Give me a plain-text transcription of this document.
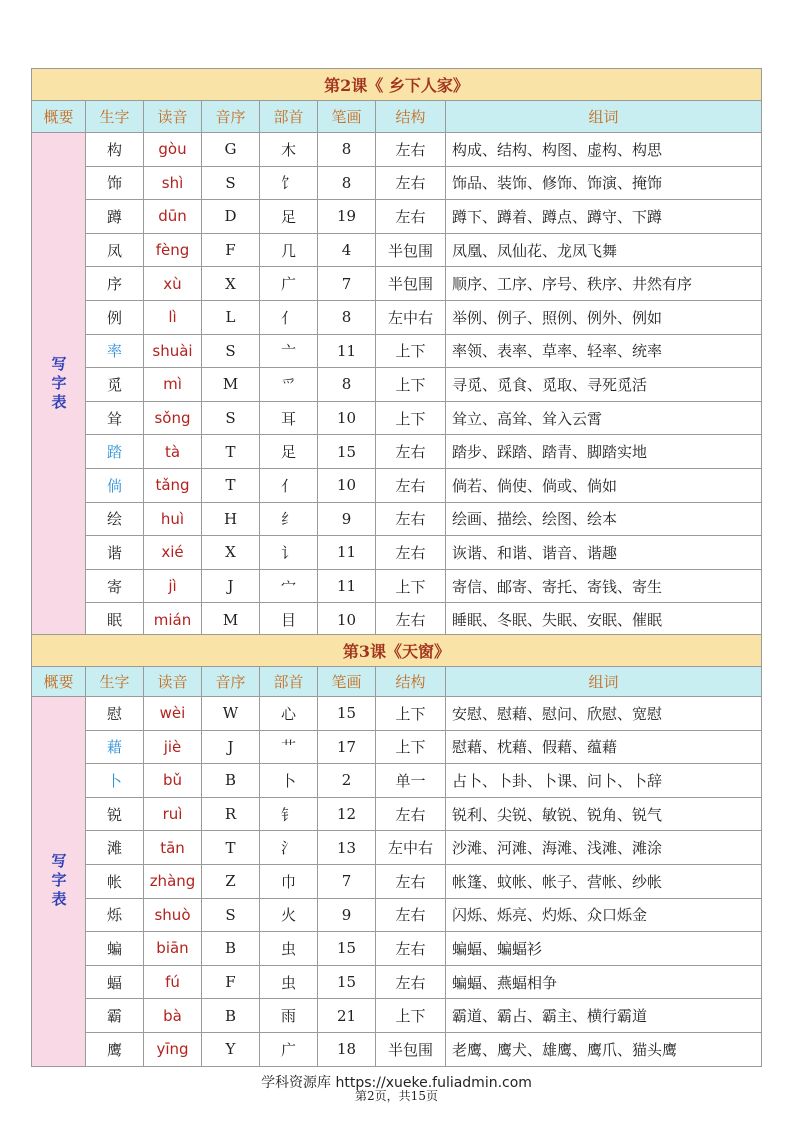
第2课《 乡下人家》							
概要	生字	读音	音序	部首	笔画	结构	组词
写字表	构	gòu	G	木	8	左右	构成、结构、构图、虚构、构思
	饰	shì	S	饣	8	左右	饰品、装饰、修饰、饰演、掩饰
	蹲	dūn	D	足	19	左右	蹲下、蹲着、蹲点、蹲守、下蹲
	凤	fèng	F	几	4	半包围	凤凰、凤仙花、龙凤飞舞
	序	xù	X	广	7	半包围	顺序、工序、序号、秩序、井然有序
	例	lì	L	亻	8	左中右	举例、例子、照例、例外、例如
	率	shuài	S	亠	11	上下	率领、表率、草率、轻率、统率
	觅	mì	M	爫	8	上下	寻觅、觅食、觅取、寻死觅活
	耸	sǒng	S	耳	10	上下	耸立、高耸、耸入云霄
	踏	tà	T	足	15	左右	踏步、踩踏、踏青、脚踏实地
	倘	tǎng	T	亻	10	左右	倘若、倘使、倘或、倘如
	绘	huì	H	纟	9	左右	绘画、描绘、绘图、绘本
	谐	xié	X	讠	11	左右	诙谐、和谐、谐音、谐趣
	寄	jì	J	宀	11	上下	寄信、邮寄、寄托、寄钱、寄生
	眠	mián	M	目	10	左右	睡眠、冬眠、失眠、安眠、催眠
第3课《天窗》							
概要	生字	读音	音序	部首	笔画	结构	组词
写字表	慰	wèi	W	心	15	上下	安慰、慰藉、慰问、欣慰、宽慰
	藉	jiè	J	艹	17	上下	慰藉、枕藉、假藉、蕴藉
	卜	bǔ	B	卜	2	单一	占卜、卜卦、卜课、问卜、卜辞
	锐	ruì	R	钅	12	左右	锐利、尖锐、敏锐、锐角、锐气
	滩	tān	T	氵	13	左中右	沙滩、河滩、海滩、浅滩、滩涂
	帐	zhàng	Z	巾	7	左右	帐篷、蚊帐、帐子、营帐、纱帐
	烁	shuò	S	火	9	左右	闪烁、烁亮、灼烁、众口烁金
	蝙	biān	B	虫	15	左右	蝙蝠、蝙蝠衫
	蝠	fú	F	虫	15	左右	蝙蝠、燕蝠相争
	霸	bà	B	雨	21	上下	霸道、霸占、霸主、横行霸道
	鹰	yīng	Y	广	18	半包围	老鹰、鹰犬、雄鹰、鹰爪、猫头鹰
学科资源库 https://xueke.fuliadmin.com
第2页，共15页
